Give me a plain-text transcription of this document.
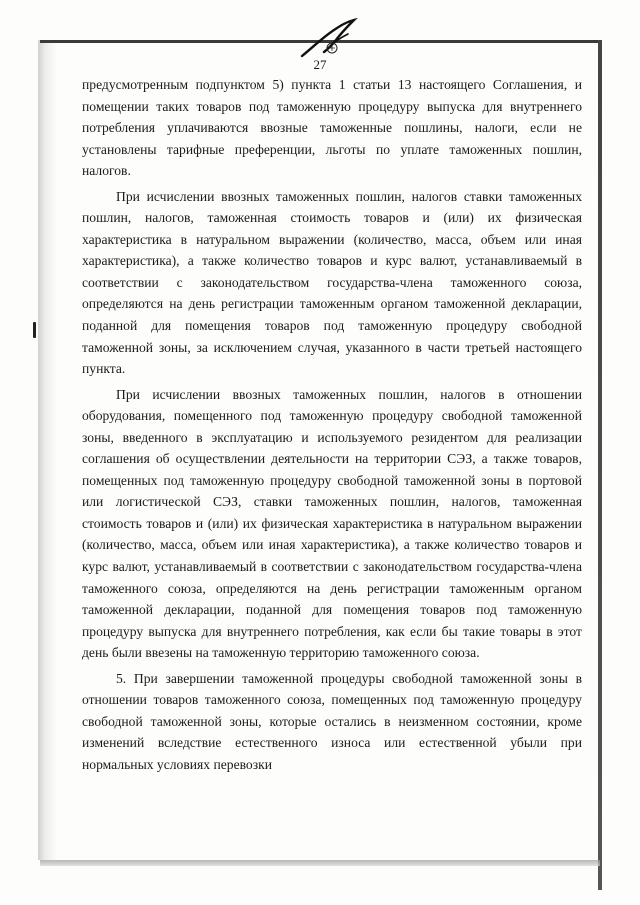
27

предусмотренным подпунктом 5) пункта 1 статьи 13 настоящего Соглашения, и помещении таких товаров под таможенную процедуру выпуска для внутреннего потребления уплачиваются ввозные таможенные пошлины, налоги, если не установлены тарифные преференции, льготы по уплате таможенных пошлин, налогов.

При исчислении ввозных таможенных пошлин, налогов ставки таможенных пошлин, налогов, таможенная стоимость товаров и (или) их физическая характеристика в натуральном выражении (количество, масса, объем или иная характеристика), а также количество товаров и курс валют, устанавливаемый в соответствии с законодательством государства-члена таможенного союза, определяются на день регистрации таможенным органом таможенной декларации, поданной для помещения товаров под таможенную процедуру свободной таможенной зоны, за исключением случая, указанного в части третьей настоящего пункта.

При исчислении ввозных таможенных пошлин, налогов в отношении оборудования, помещенного под таможенную процедуру свободной таможенной зоны, введенного в эксплуатацию и используемого резидентом для реализации соглашения об осуществлении деятельности на территории СЭЗ, а также товаров, помещенных под таможенную процедуру свободной таможенной зоны в портовой или логистической СЭЗ, ставки таможенных пошлин, налогов, таможенная стоимость товаров и (или) их физическая характеристика в натуральном выражении (количество, масса, объем или иная характеристика), а также количество товаров и курс валют, устанавливаемый в соответствии с законодательством государства-члена таможенного союза, определяются на день регистрации таможенным органом таможенной декларации, поданной для помещения товаров под таможенную процедуру выпуска для внутреннего потребления, как если бы такие товары в этот день были ввезены на таможенную территорию таможенного союза.

5. При завершении таможенной процедуры свободной таможенной зоны в отношении товаров таможенного союза, помещенных под таможенную процедуру свободной таможенной зоны, которые остались в неизменном состоянии, кроме изменений вследствие естественного износа или естественной убыли при нормальных условиях перевозки
